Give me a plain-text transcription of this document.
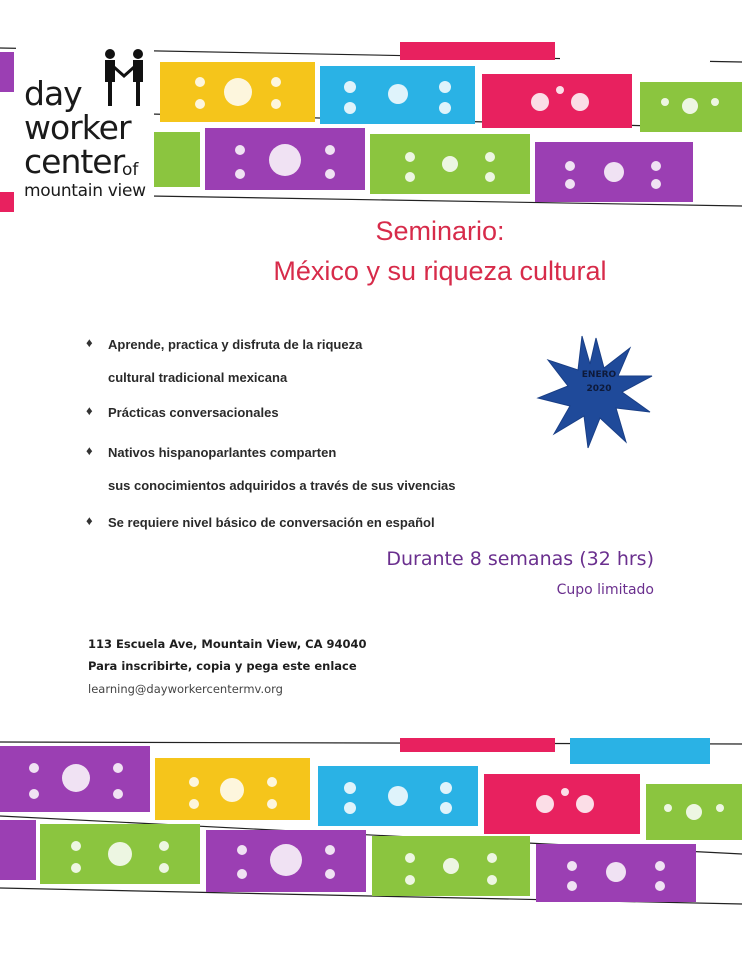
day
worker
center
of
mountain view
Seminario:
México y su riqueza cultural
♦ Aprende, practica y disfruta de la riqueza
cultural tradicional mexicana
♦ Prácticas conversacionales
♦ Nativos hispanoparlantes comparten
sus conocimientos adquiridos a través de sus vivencias
♦ Se requiere nivel básico de conversación en español
ENERO
2020
Durante 8 semanas (32 hrs)
Cupo limitado
113 Escuela Ave, Mountain View, CA 94040
Para inscribirte, copia y pega este enlace
learning@dayworkercentermv.org
